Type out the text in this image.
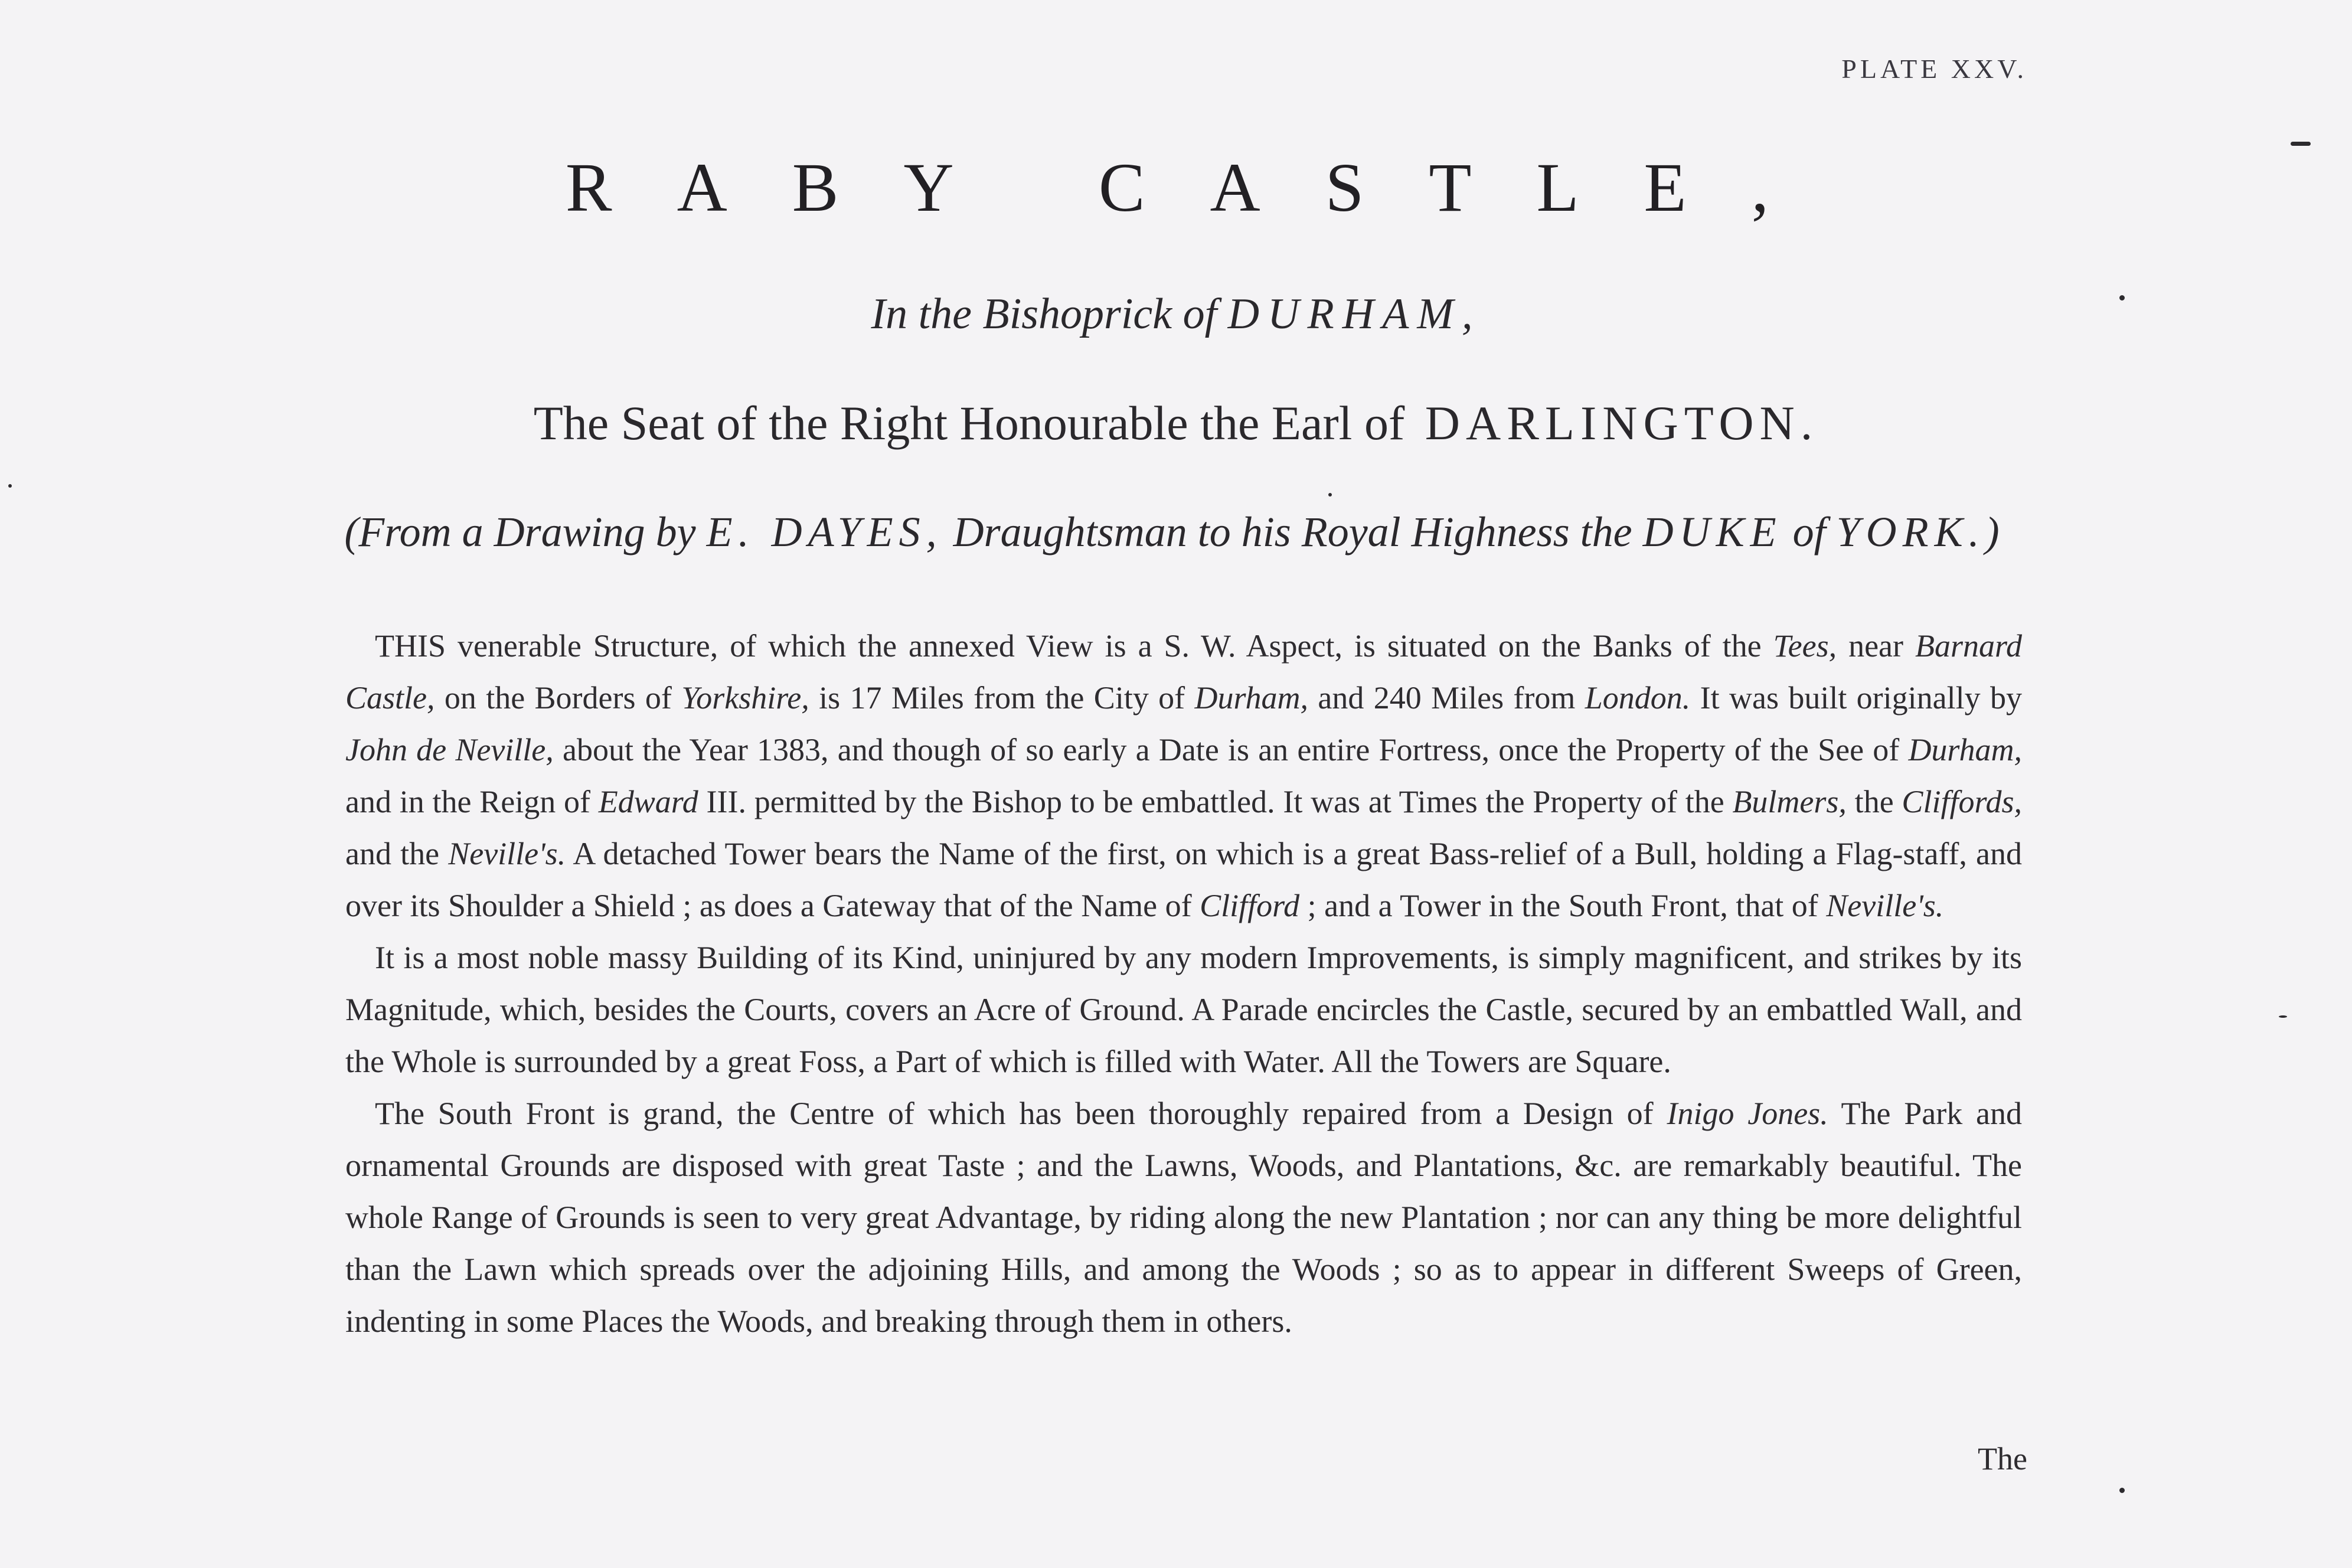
PLATE XXV.
RABY CASTLE,
In the Bishoprick of DURHAM,
The Seat of the Right Honourable the Earl of DARLINGTON.
(From a Drawing by E. DAYES, Draughtsman to his Royal Highness the DUKE of YORK.)

THIS venerable Structure, of which the annexed View is a S. W. Aspect, is situated on the Banks of the Tees, near Barnard Castle, on the Borders of Yorkshire, is 17 Miles from the City of Durham, and 240 Miles from London. It was built originally by John de Neville, about the Year 1383, and though of so early a Date is an entire Fortress, once the Property of the See of Durham, and in the Reign of Edward III. permitted by the Bishop to be embattled. It was at Times the Property of the Bulmers, the Cliffords, and the Neville's. A detached Tower bears the Name of the first, on which is a great Bass-relief of a Bull, holding a Flag-staff, and over its Shoulder a Shield ; as does a Gateway that of the Name of Clifford ; and a Tower in the South Front, that of Neville's.

It is a most noble massy Building of its Kind, uninjured by any modern Improvements, is simply magnificent, and strikes by its Magnitude, which, besides the Courts, covers an Acre of Ground. A Parade encircles the Castle, secured by an embattled Wall, and the Whole is surrounded by a great Foss, a Part of which is filled with Water. All the Towers are Square.

The South Front is grand, the Centre of which has been thoroughly repaired from a Design of Inigo Jones. The Park and ornamental Grounds are disposed with great Taste ; and the Lawns, Woods, and Plantations, &c. are remarkably beautiful. The whole Range of Grounds is seen to very great Advantage, by riding along the new Plantation ; nor can any thing be more delightful than the Lawn which spreads over the adjoining Hills, and among the Woods ; so as to appear in different Sweeps of Green, indenting in some Places the Woods, and breaking through them in others.

The
